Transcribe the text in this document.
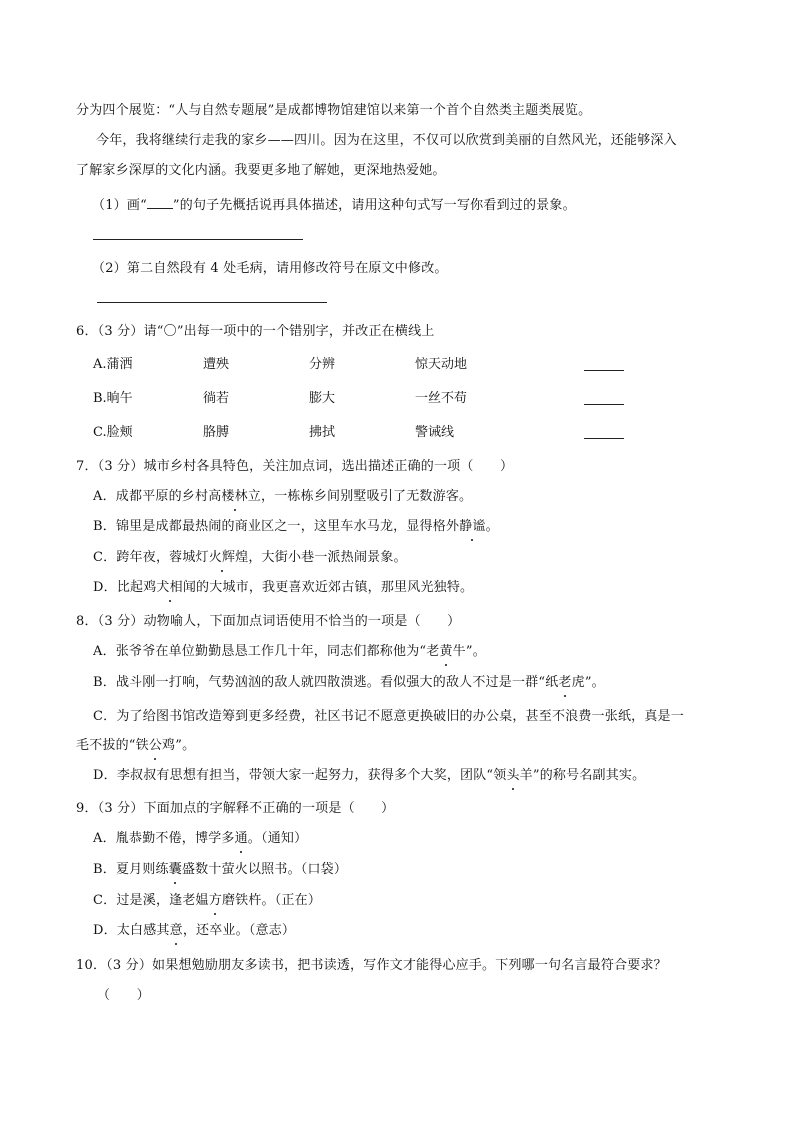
分为四个展览：“人与自然专题展”是成都博物馆建馆以来第一个首个自然类主题类展览。
今年，我将继续行走我的家乡——四川。因为在这里，不仅可以欣赏到美丽的自然风光，还能够深入
了解家乡深厚的文化内涵。我要更多地了解她，更深地热爱她。
（1）画“ ”的句子先概括说再具体描述，请用这种句式写一写你看到过的景象。
（2）第二自然段有 4 处毛病，请用修改符号在原文中修改。
6．（3 分）请“〇”出每一项中的一个错别字，并改正在横线上
A.蒲洒	遭殃	分辨	惊天动地
B.晌午	徜若	膨大	一丝不苟
C.脸颊	胳膊	拂拭	警诫线
7．（3 分）城市乡村各具特色，关注加点词，选出描述正确的一项（　　）
A．成都平原的乡村高楼林立，一栋栋乡间别墅吸引了无数游客。
B．锦里是成都最热闹的商业区之一，这里车水马龙，显得格外静谧。
C．跨年夜，蓉城灯火辉煌，大街小巷一派热闹景象。
D．比起鸡犬相闻的大城市，我更喜欢近郊古镇，那里风光独特。
8．（3 分）动物喻人，下面加点词语使用不恰当的一项是（　　）
A．张爷爷在单位勤勤恳恳工作几十年，同志们都称他为“老黄牛”。
B．战斗刚一打响，气势汹汹的敌人就四散溃逃。看似强大的敌人不过是一群“纸老虎”。
C．为了给图书馆改造筹到更多经费，社区书记不愿意更换破旧的办公桌，甚至不浪费一张纸，真是一
毛不拔的“铁公鸡”。
D．李叔叔有思想有担当，带领大家一起努力，获得多个大奖，团队“领头羊”的称号名副其实。
9．（3 分）下面加点的字解释不正确的一项是（　　）
A．胤恭勤不倦，博学多通。（通知）
B．夏月则练囊盛数十萤火以照书。（口袋）
C．过是溪，逢老媪方磨铁杵。（正在）
D．太白感其意，还卒业。（意志）
10．（3 分）如果想勉励朋友多读书，把书读透，写作文才能得心应手。下列哪一句名言最符合要求？
（　　）
